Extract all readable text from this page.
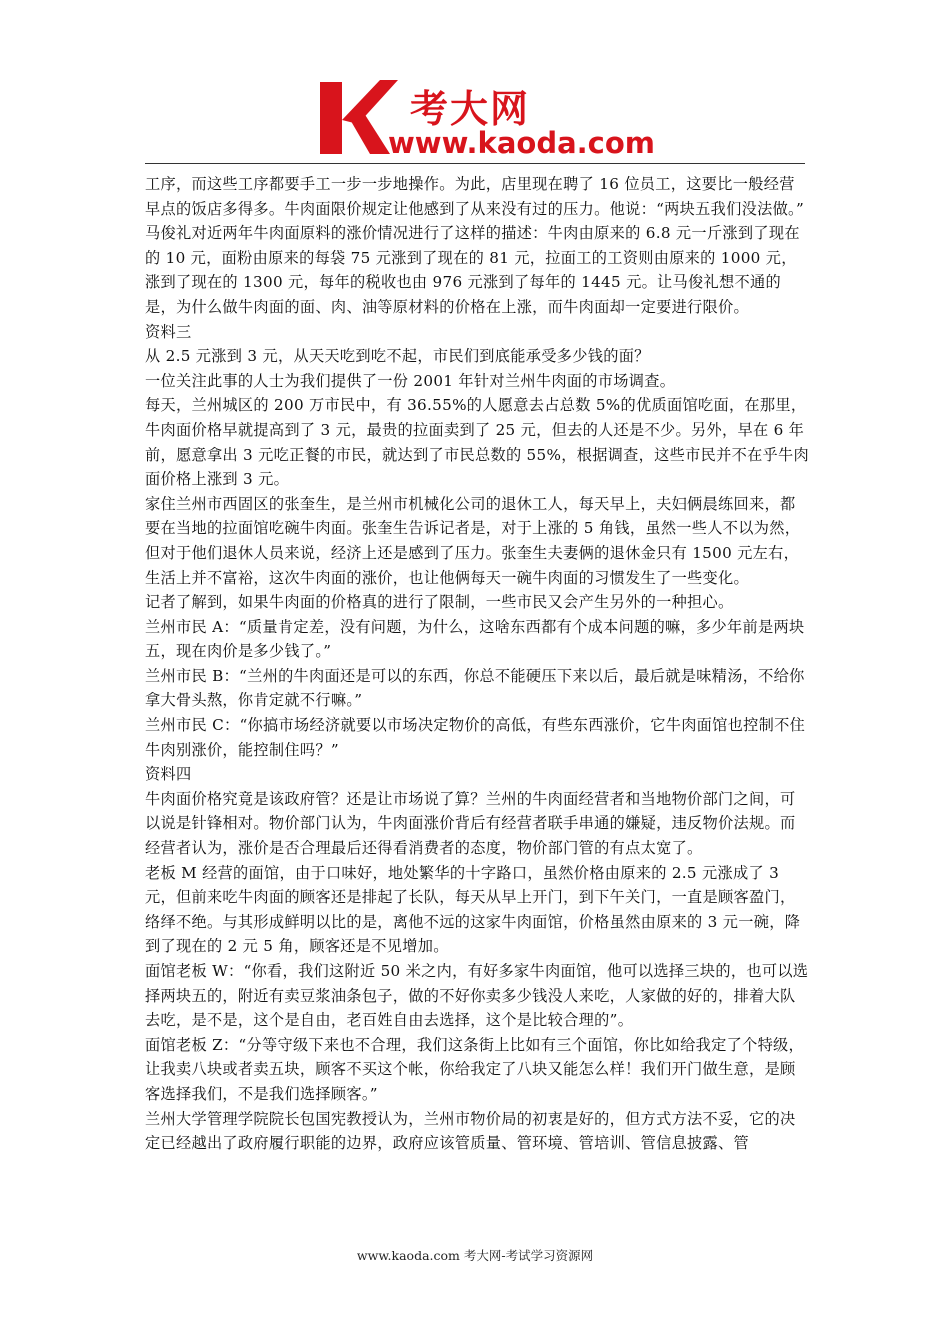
考大网
www.kaoda.com

工序，而这些工序都要手工一步一步地操作。为此，店里现在聘了 16 位员工，这要比一般经营早点的饭店多得多。牛肉面限价规定让他感到了从来没有过的压力。他说：“两块五我们没法做。”

马俊礼对近两年牛肉面原料的涨价情况进行了这样的描述：牛肉由原来的 6.8 元一斤涨到了现在的 10 元，面粉由原来的每袋 75 元涨到了现在的 81 元，拉面工的工资则由原来的 1000 元，涨到了现在的 1300 元，每年的税收也由 976 元涨到了每年的 1445 元。让马俊礼想不通的是，为什么做牛肉面的面、肉、油等原材料的价格在上涨，而牛肉面却一定要进行限价。

资料三

从 2.5 元涨到 3 元，从天天吃到吃不起，市民们到底能承受多少钱的面？

一位关注此事的人士为我们提供了一份 2001 年针对兰州牛肉面的市场调查。

每天，兰州城区的 200 万市民中，有 36.55%的人愿意去占总数 5%的优质面馆吃面，在那里，牛肉面价格早就提高到了 3 元，最贵的拉面卖到了 25 元，但去的人还是不少。另外，早在 6 年前，愿意拿出 3 元吃正餐的市民，就达到了市民总数的 55%，根据调查，这些市民并不在乎牛肉面价格上涨到 3 元。

家住兰州市西固区的张奎生，是兰州市机械化公司的退休工人，每天早上，夫妇俩晨练回来，都要在当地的拉面馆吃碗牛肉面。张奎生告诉记者是，对于上涨的 5 角钱，虽然一些人不以为然，但对于他们退休人员来说，经济上还是感到了压力。张奎生夫妻俩的退休金只有 1500 元左右，生活上并不富裕，这次牛肉面的涨价，也让他俩每天一碗牛肉面的习惯发生了一些变化。

记者了解到，如果牛肉面的价格真的进行了限制，一些市民又会产生另外的一种担心。

兰州市民 A：“质量肯定差，没有问题，为什么，这啥东西都有个成本问题的嘛，多少年前是两块五，现在肉价是多少钱了。”

兰州市民 B：“兰州的牛肉面还是可以的东西，你总不能硬压下来以后，最后就是味精汤，不给你拿大骨头熬，你肯定就不行嘛。”

兰州市民 C：“你搞市场经济就要以市场决定物价的高低，有些东西涨价，它牛肉面馆也控制不住牛肉别涨价，能控制住吗？”

资料四

牛肉面价格究竟是该政府管？还是让市场说了算？兰州的牛肉面经营者和当地物价部门之间，可以说是针锋相对。物价部门认为，牛肉面涨价背后有经营者联手串通的嫌疑，违反物价法规。而经营者认为，涨价是否合理最后还得看消费者的态度，物价部门管的有点太宽了。

老板 M 经营的面馆，由于口味好，地处繁华的十字路口，虽然价格由原来的 2.5 元涨成了 3 元，但前来吃牛肉面的顾客还是排起了长队，每天从早上开门，到下午关门，一直是顾客盈门，络绎不绝。与其形成鲜明以比的是，离他不远的这家牛肉面馆，价格虽然由原来的 3 元一碗，降到了现在的 2 元 5 角，顾客还是不见增加。

面馆老板 W：“你看，我们这附近 50 米之内，有好多家牛肉面馆，他可以选择三块的，也可以选择两块五的，附近有卖豆浆油条包子，做的不好你卖多少钱没人来吃，人家做的好的，排着大队去吃，是不是，这个是自由，老百姓自由去选择，这个是比较合理的”。

面馆老板 Z：“分等守级下来也不合理，我们这条街上比如有三个面馆，你比如给我定了个特级，让我卖八块或者卖五块，顾客不买这个帐，你给我定了八块又能怎么样！我们开门做生意，是顾客选择我们，不是我们选择顾客。”

兰州大学管理学院院长包国宪教授认为，兰州市物价局的初衷是好的，但方式方法不妥，它的决定已经越出了政府履行职能的边界，政府应该管质量、管环境、管培训、管信息披露、管

www.kaoda.com 考大网-考试学习资源网
